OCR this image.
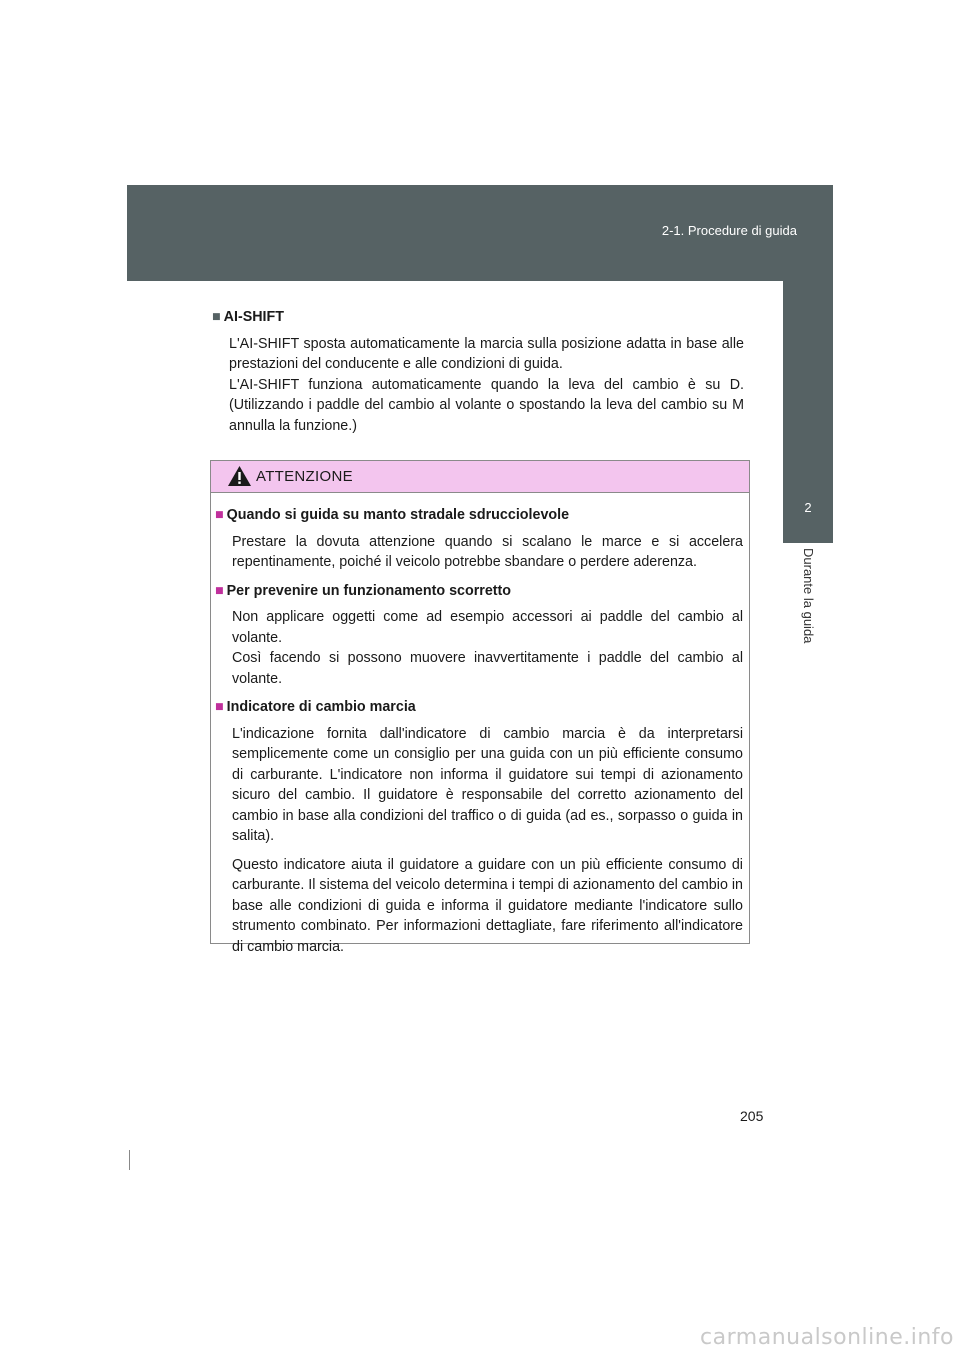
2-1. Procedure di guida
2
Durante la guida
■ AI-SHIFT

L'AI-SHIFT sposta automaticamente la marcia sulla posizione adatta in base alle prestazioni del conducente e alle condizioni di guida.

L'AI-SHIFT funziona automaticamente quando la leva del cambio è su D. (Utilizzando i paddle del cambio al volante o spostando la leva del cambio su M annulla la funzione.)

ATTENZIONE
■ Quando si guida su manto stradale sdrucciolevole

Prestare la dovuta attenzione quando si scalano le marce e si accelera repentinamente, poiché il veicolo potrebbe sbandare o perdere aderenza.

■ Per prevenire un funzionamento scorretto

Non applicare oggetti come ad esempio accessori ai paddle del cambio al volante.

Così facendo si possono muovere inavvertitamente i paddle del cambio al volante.

■ Indicatore di cambio marcia

L'indicazione fornita dall'indicatore di cambio marcia è da interpretarsi semplicemente come un consiglio per una guida con un più efficiente consumo di carburante. L'indicatore non informa il guidatore sui tempi di azionamento sicuro del cambio. Il guidatore è responsabile del corretto azionamento del cambio in base alla condizioni del traffico o di guida (ad es., sorpasso o guida in salita).

Questo indicatore aiuta il guidatore a guidare con un più efficiente consumo di carburante. Il sistema del veicolo determina i tempi di azionamento del cambio in base alle condizioni di guida e informa il guidatore mediante l'indicatore sullo strumento combinato. Per informazioni dettagliate, fare riferimento all'indicatore di cambio marcia.

205
carmanualsonline.info
